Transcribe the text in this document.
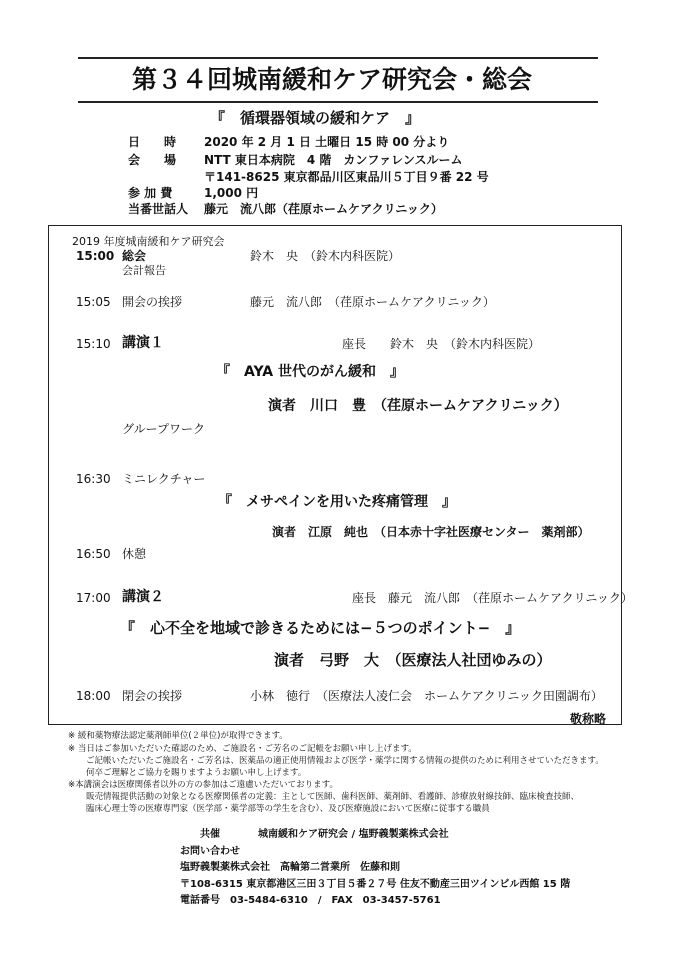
第３４回城南緩和ケア研究会・総会
『　循環器領域の緩和ケア　』
日　　時 2020 年 2 月 1 日 土曜日 15 時 00 分より
会　　場 NTT 東日本病院　4 階　カンファレンスルーム
〒141-8625 東京都品川区東品川５丁目９番 22 号
参 加 費	1,000 円
当番世話人 藤元　流八郎（荏原ホームケアクリニック）
2019 年度城南緩和ケア研究会
15:00 総会	鈴木　央　（鈴木内科医院）
会計報告
15:05 開会の挨拶	藤元　流八郎　（荏原ホームケアクリニック）
15:10 講演１	座長　　鈴木　央　（鈴木内科医院）
『　AYA 世代のがん緩和　』
演者　川口　豊　（荏原ホームケアクリニック）
グループワーク
16:30 ミニレクチャー
『　メサペインを用いた疼痛管理　』
演者　江原　純也　（日本赤十字社医療センター　薬剤部）
16:50 休憩
17:00 講演２	座長　藤元　流八郎　（荏原ホームケアクリニック）
『　心不全を地域で診きるためには−５つのポイント−　』
演者　弓野　大　（医療法人社団ゆみの）
18:00 閉会の挨拶	小林　徳行　（医療法人凌仁会　ホームケアクリニック田園調布）
敬称略
※ 緩和薬物療法認定薬剤師単位(２単位)が取得できます。
※ 当日はご参加いただいた確認のため、ご施設名・ご芳名のご記帳をお願い申し上げます。
ご記帳いただいたご施設名・ご芳名は、医薬品の適正使用情報および医学・薬学に関する情報の提供のために利用させていただきます。
何卒ご理解とご協力を賜りますようお願い申し上げます。
※本講演会は医療関係者以外の方の参加はご遠慮いただいております。
販売情報提供活動の対象となる医療関係者の定義：主として医師、歯科医師、薬剤師、看護師、診療放射線技師、臨床検査技師、
臨床心理士等の医療専門家（医学部・薬学部等の学生を含む）、及び医療施設において医療に従事する職員
共催	城南緩和ケア研究会 / 塩野義製薬株式会社
お問い合わせ
塩野義製薬株式会社　高輪第二営業所　佐藤和則
〒108-6315 東京都港区三田３丁目５番２７号 住友不動産三田ツインビル西館 15 階
電話番号　03-5484-6310　/　FAX　03-3457-5761
